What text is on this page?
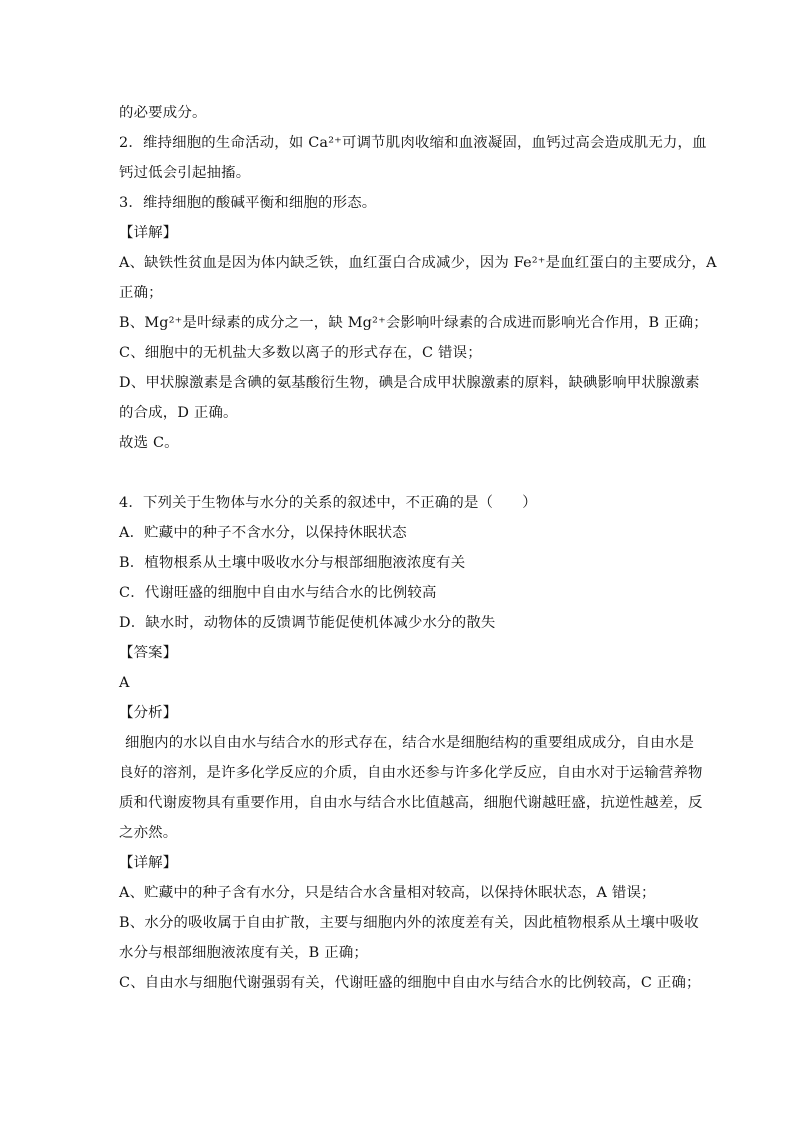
的必要成分。
2．维持细胞的生命活动，如 Ca²⁺可调节肌肉收缩和血液凝固，血钙过高会造成肌无力，血
钙过低会引起抽搐。
3．维持细胞的酸碱平衡和细胞的形态。
【详解】
A、缺铁性贫血是因为体内缺乏铁，血红蛋白合成减少，因为 Fe²⁺是血红蛋白的主要成分，A
正确；
B、Mg²⁺是叶绿素的成分之一，缺 Mg²⁺会影响叶绿素的合成进而影响光合作用，B 正确；
C、细胞中的无机盐大多数以离子的形式存在，C 错误；
D、甲状腺激素是含碘的氨基酸衍生物，碘是合成甲状腺激素的原料，缺碘影响甲状腺激素
的合成，D 正确。
故选 C。
4．下列关于生物体与水分的关系的叙述中，不正确的是（　　）
A．贮藏中的种子不含水分，以保持休眠状态
B．植物根系从土壤中吸收水分与根部细胞液浓度有关
C．代谢旺盛的细胞中自由水与结合水的比例较高
D．缺水时，动物体的反馈调节能促使机体减少水分的散失
【答案】
A
【分析】
细胞内的水以自由水与结合水的形式存在，结合水是细胞结构的重要组成成分，自由水是
良好的溶剂，是许多化学反应的介质，自由水还参与许多化学反应，自由水对于运输营养物
质和代谢废物具有重要作用，自由水与结合水比值越高，细胞代谢越旺盛，抗逆性越差，反
之亦然。
【详解】
A、贮藏中的种子含有水分，只是结合水含量相对较高，以保持休眠状态，A 错误；
B、水分的吸收属于自由扩散，主要与细胞内外的浓度差有关，因此植物根系从土壤中吸收
水分与根部细胞液浓度有关，B 正确；
C、自由水与细胞代谢强弱有关，代谢旺盛的细胞中自由水与结合水的比例较高，C 正确；
